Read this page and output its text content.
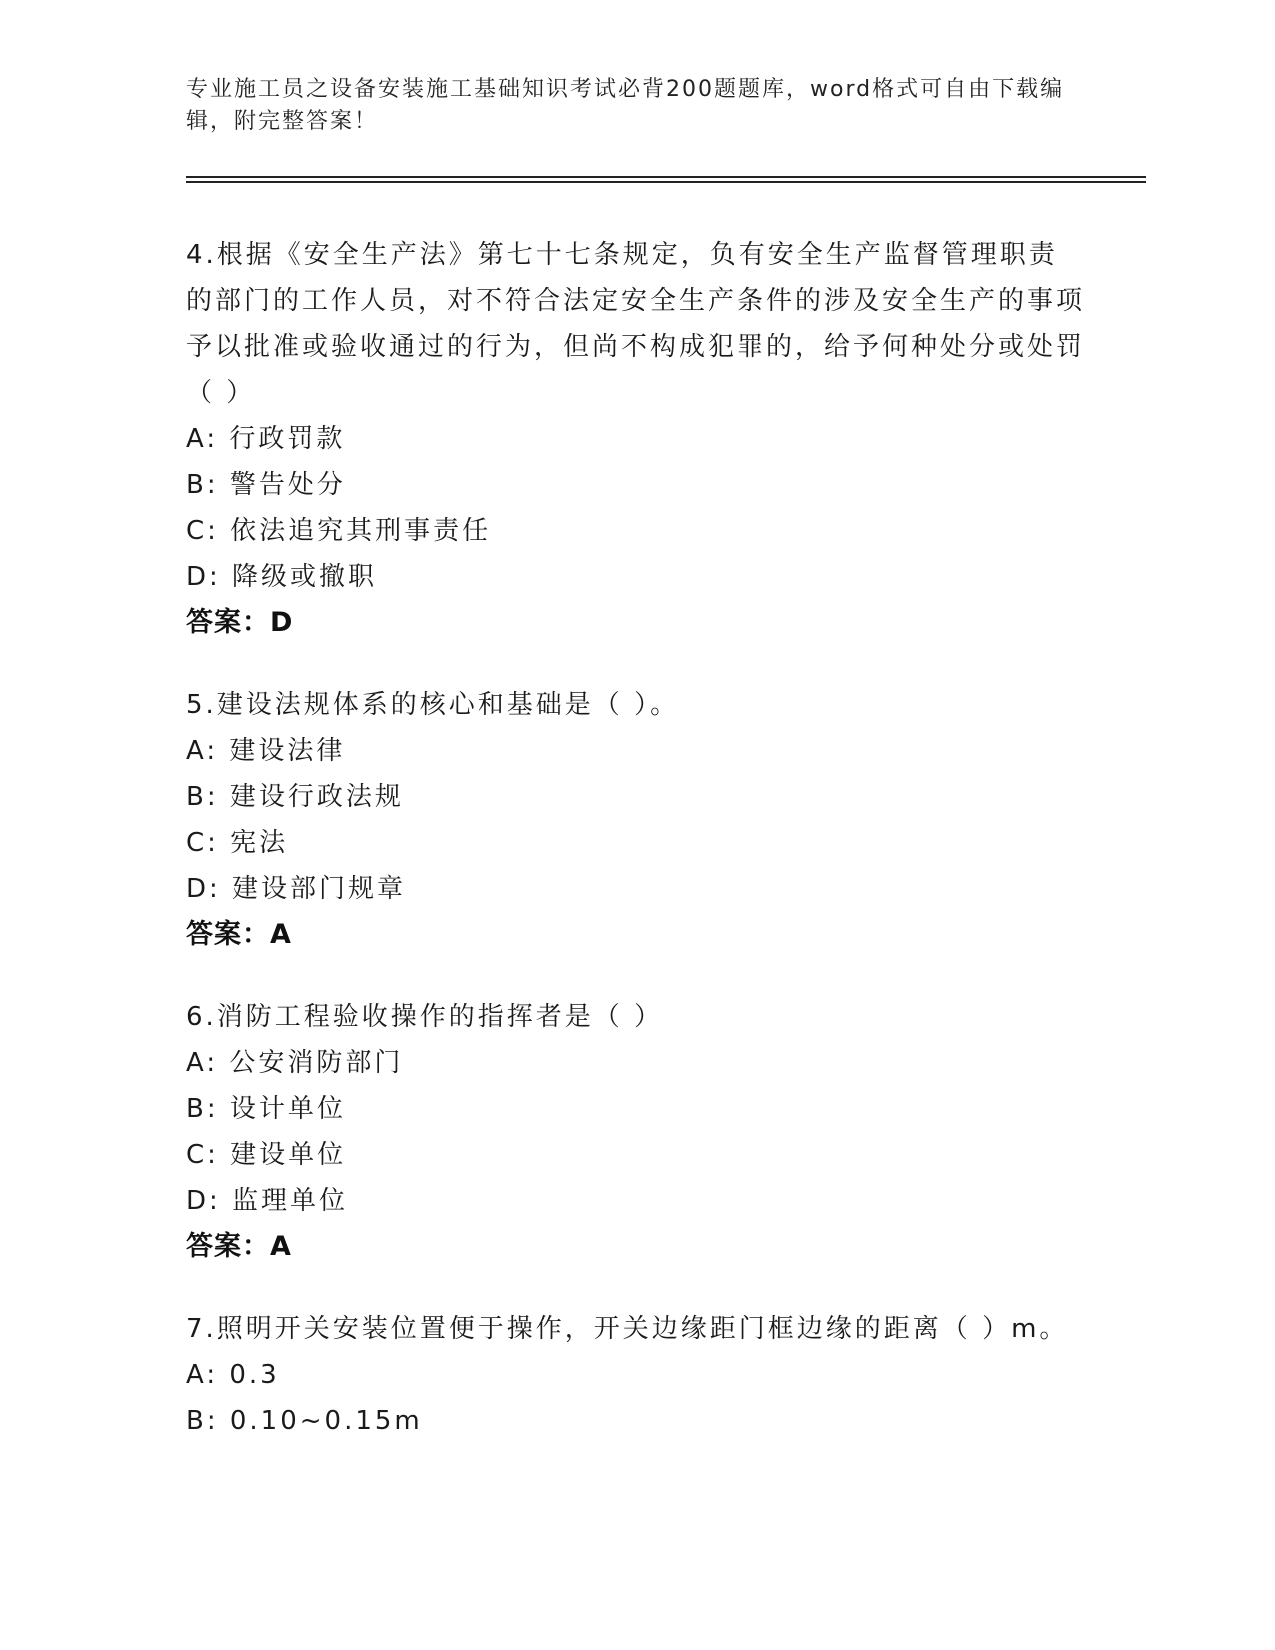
专业施工员之设备安装施工基础知识考试必背200题题库，word格式可自由下载编辑，附完整答案！
4.根据《安全生产法》第七十七条规定，负有安全生产监督管理职责的部门的工作人员，对不符合法定安全生产条件的涉及安全生产的事项予以批准或验收通过的行为，但尚不构成犯罪的，给予何种处分或处罚（ ）
A: 行政罚款
B: 警告处分
C: 依法追究其刑事责任
D: 降级或撤职
答案：D
5.建设法规体系的核心和基础是（ ）。
A: 建设法律
B: 建设行政法规
C: 宪法
D: 建设部门规章
答案：A
6.消防工程验收操作的指挥者是（ ）
A: 公安消防部门
B: 设计单位
C: 建设单位
D: 监理单位
答案：A
7.照明开关安装位置便于操作，开关边缘距门框边缘的距离（ ）m。
A: 0.3
B: 0.10~0.15m
